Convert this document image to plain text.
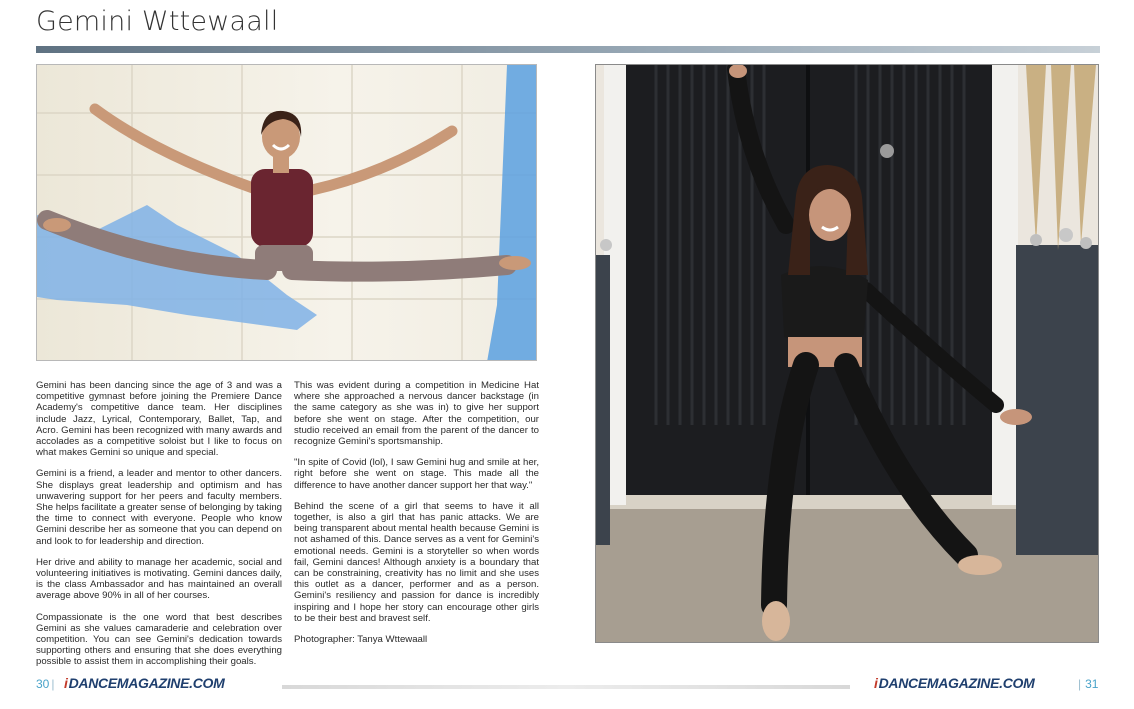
Gemini Wttewaall

Gemini has been dancing since the age of 3 and was a competitive gymnast before joining the Premiere Dance Academy's competitive dance team. Her disciplines include Jazz, Lyrical, Contemporary, Ballet, Tap, and Acro. Gemini has been recognized with many awards and accolades as a competitive soloist but I like to focus on what makes Gemini so unique and special.

Gemini is a friend, a leader and mentor to other dancers. She displays great leadership and optimism and has unwavering support for her peers and faculty members. She helps facilitate a greater sense of belonging by taking the time to connect with everyone. People who know Gemini describe her as someone that you can depend on and look to for leadership and direction.

Her drive and ability to manage her academic, social and volunteering initiatives is motivating. Gemini dances daily, is the class Ambassador and has maintained an overall average above 90% in all of her courses.

Compassionate is the one word that best describes Gemini as she values camaraderie and celebration over competition. You can see Gemini's dedication towards supporting others and ensuring that she does everything possible to assist them in accomplishing their goals.

This was evident during a competition in Medicine Hat where she approached a nervous dancer backstage (in the same category as she was in) to give her support before she went on stage. After the competition, our studio received an email from the parent of the dancer to recognize Gemini's sportsmanship.

"In spite of Covid (lol), I saw Gemini hug and smile at her, right before she went on stage. This made all the difference to have another dancer support her that way."

Behind the scene of a girl that seems to have it all together, is also a girl that has panic attacks. We are being transparent about mental health because Gemini is not ashamed of this. Dance serves as a vent for Gemini's emotional needs. Gemini is a storyteller so when words fail, Gemini dances! Although anxiety is a boundary that can be constraining, creativity has no limit and she uses this outlet as a dancer, performer and as a person. Gemini's resiliency and passion for dance is incredibly inspiring and I hope her story can encourage other girls to be their best and bravest self.

Photographer: Tanya Wttewaall

30 | iDANCEMAGAZINE.COM	iDANCEMAGAZINE.COM	| 31
